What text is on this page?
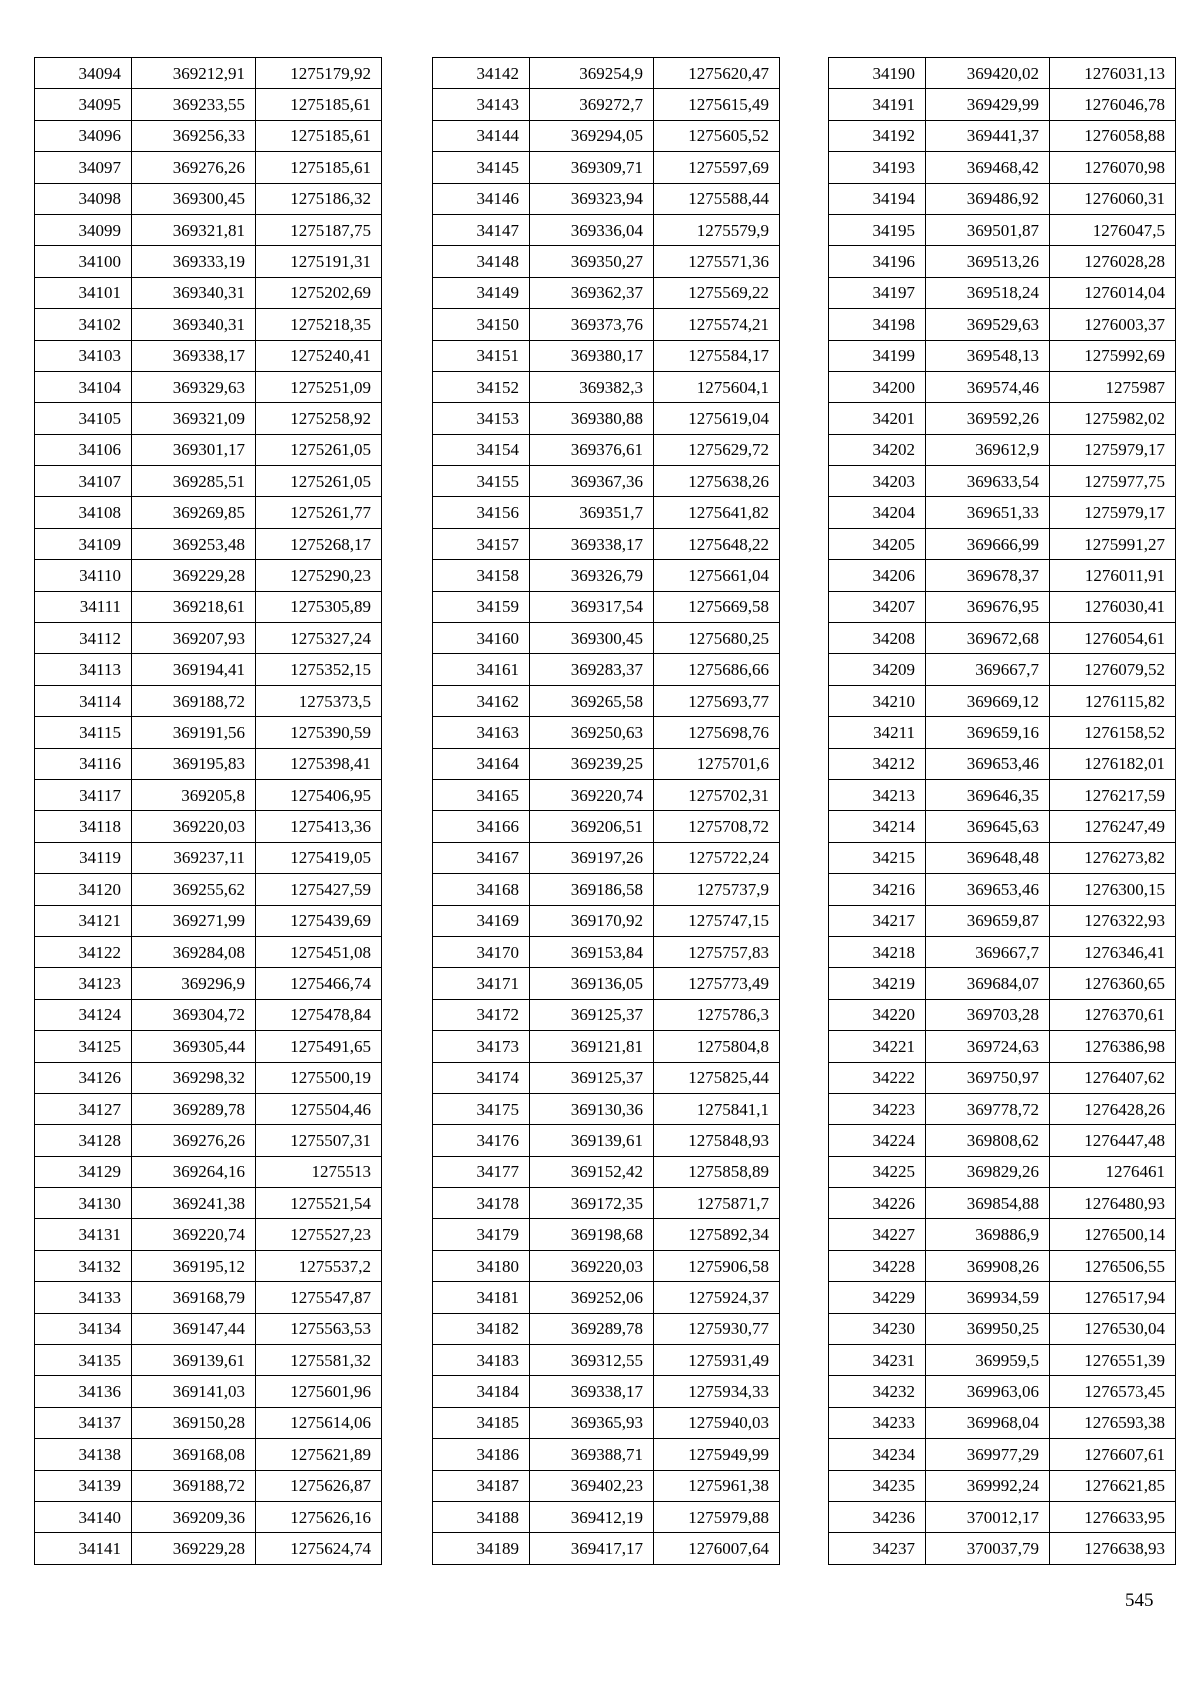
34094	369212,91	1275179,92
34095	369233,55	1275185,61
34096	369256,33	1275185,61
34097	369276,26	1275185,61
34098	369300,45	1275186,32
34099	369321,81	1275187,75
34100	369333,19	1275191,31
34101	369340,31	1275202,69
34102	369340,31	1275218,35
34103	369338,17	1275240,41
34104	369329,63	1275251,09
34105	369321,09	1275258,92
34106	369301,17	1275261,05
34107	369285,51	1275261,05
34108	369269,85	1275261,77
34109	369253,48	1275268,17
34110	369229,28	1275290,23
34111	369218,61	1275305,89
34112	369207,93	1275327,24
34113	369194,41	1275352,15
34114	369188,72	1275373,5
34115	369191,56	1275390,59
34116	369195,83	1275398,41
34117	369205,8	1275406,95
34118	369220,03	1275413,36
34119	369237,11	1275419,05
34120	369255,62	1275427,59
34121	369271,99	1275439,69
34122	369284,08	1275451,08
34123	369296,9	1275466,74
34124	369304,72	1275478,84
34125	369305,44	1275491,65
34126	369298,32	1275500,19
34127	369289,78	1275504,46
34128	369276,26	1275507,31
34129	369264,16	1275513
34130	369241,38	1275521,54
34131	369220,74	1275527,23
34132	369195,12	1275537,2
34133	369168,79	1275547,87
34134	369147,44	1275563,53
34135	369139,61	1275581,32
34136	369141,03	1275601,96
34137	369150,28	1275614,06
34138	369168,08	1275621,89
34139	369188,72	1275626,87
34140	369209,36	1275626,16
34141	369229,28	1275624,74
34142	369254,9	1275620,47
34143	369272,7	1275615,49
34144	369294,05	1275605,52
34145	369309,71	1275597,69
34146	369323,94	1275588,44
34147	369336,04	1275579,9
34148	369350,27	1275571,36
34149	369362,37	1275569,22
34150	369373,76	1275574,21
34151	369380,17	1275584,17
34152	369382,3	1275604,1
34153	369380,88	1275619,04
34154	369376,61	1275629,72
34155	369367,36	1275638,26
34156	369351,7	1275641,82
34157	369338,17	1275648,22
34158	369326,79	1275661,04
34159	369317,54	1275669,58
34160	369300,45	1275680,25
34161	369283,37	1275686,66
34162	369265,58	1275693,77
34163	369250,63	1275698,76
34164	369239,25	1275701,6
34165	369220,74	1275702,31
34166	369206,51	1275708,72
34167	369197,26	1275722,24
34168	369186,58	1275737,9
34169	369170,92	1275747,15
34170	369153,84	1275757,83
34171	369136,05	1275773,49
34172	369125,37	1275786,3
34173	369121,81	1275804,8
34174	369125,37	1275825,44
34175	369130,36	1275841,1
34176	369139,61	1275848,93
34177	369152,42	1275858,89
34178	369172,35	1275871,7
34179	369198,68	1275892,34
34180	369220,03	1275906,58
34181	369252,06	1275924,37
34182	369289,78	1275930,77
34183	369312,55	1275931,49
34184	369338,17	1275934,33
34185	369365,93	1275940,03
34186	369388,71	1275949,99
34187	369402,23	1275961,38
34188	369412,19	1275979,88
34189	369417,17	1276007,64
34190	369420,02	1276031,13
34191	369429,99	1276046,78
34192	369441,37	1276058,88
34193	369468,42	1276070,98
34194	369486,92	1276060,31
34195	369501,87	1276047,5
34196	369513,26	1276028,28
34197	369518,24	1276014,04
34198	369529,63	1276003,37
34199	369548,13	1275992,69
34200	369574,46	1275987
34201	369592,26	1275982,02
34202	369612,9	1275979,17
34203	369633,54	1275977,75
34204	369651,33	1275979,17
34205	369666,99	1275991,27
34206	369678,37	1276011,91
34207	369676,95	1276030,41
34208	369672,68	1276054,61
34209	369667,7	1276079,52
34210	369669,12	1276115,82
34211	369659,16	1276158,52
34212	369653,46	1276182,01
34213	369646,35	1276217,59
34214	369645,63	1276247,49
34215	369648,48	1276273,82
34216	369653,46	1276300,15
34217	369659,87	1276322,93
34218	369667,7	1276346,41
34219	369684,07	1276360,65
34220	369703,28	1276370,61
34221	369724,63	1276386,98
34222	369750,97	1276407,62
34223	369778,72	1276428,26
34224	369808,62	1276447,48
34225	369829,26	1276461
34226	369854,88	1276480,93
34227	369886,9	1276500,14
34228	369908,26	1276506,55
34229	369934,59	1276517,94
34230	369950,25	1276530,04
34231	369959,5	1276551,39
34232	369963,06	1276573,45
34233	369968,04	1276593,38
34234	369977,29	1276607,61
34235	369992,24	1276621,85
34236	370012,17	1276633,95
34237	370037,79	1276638,93
545
